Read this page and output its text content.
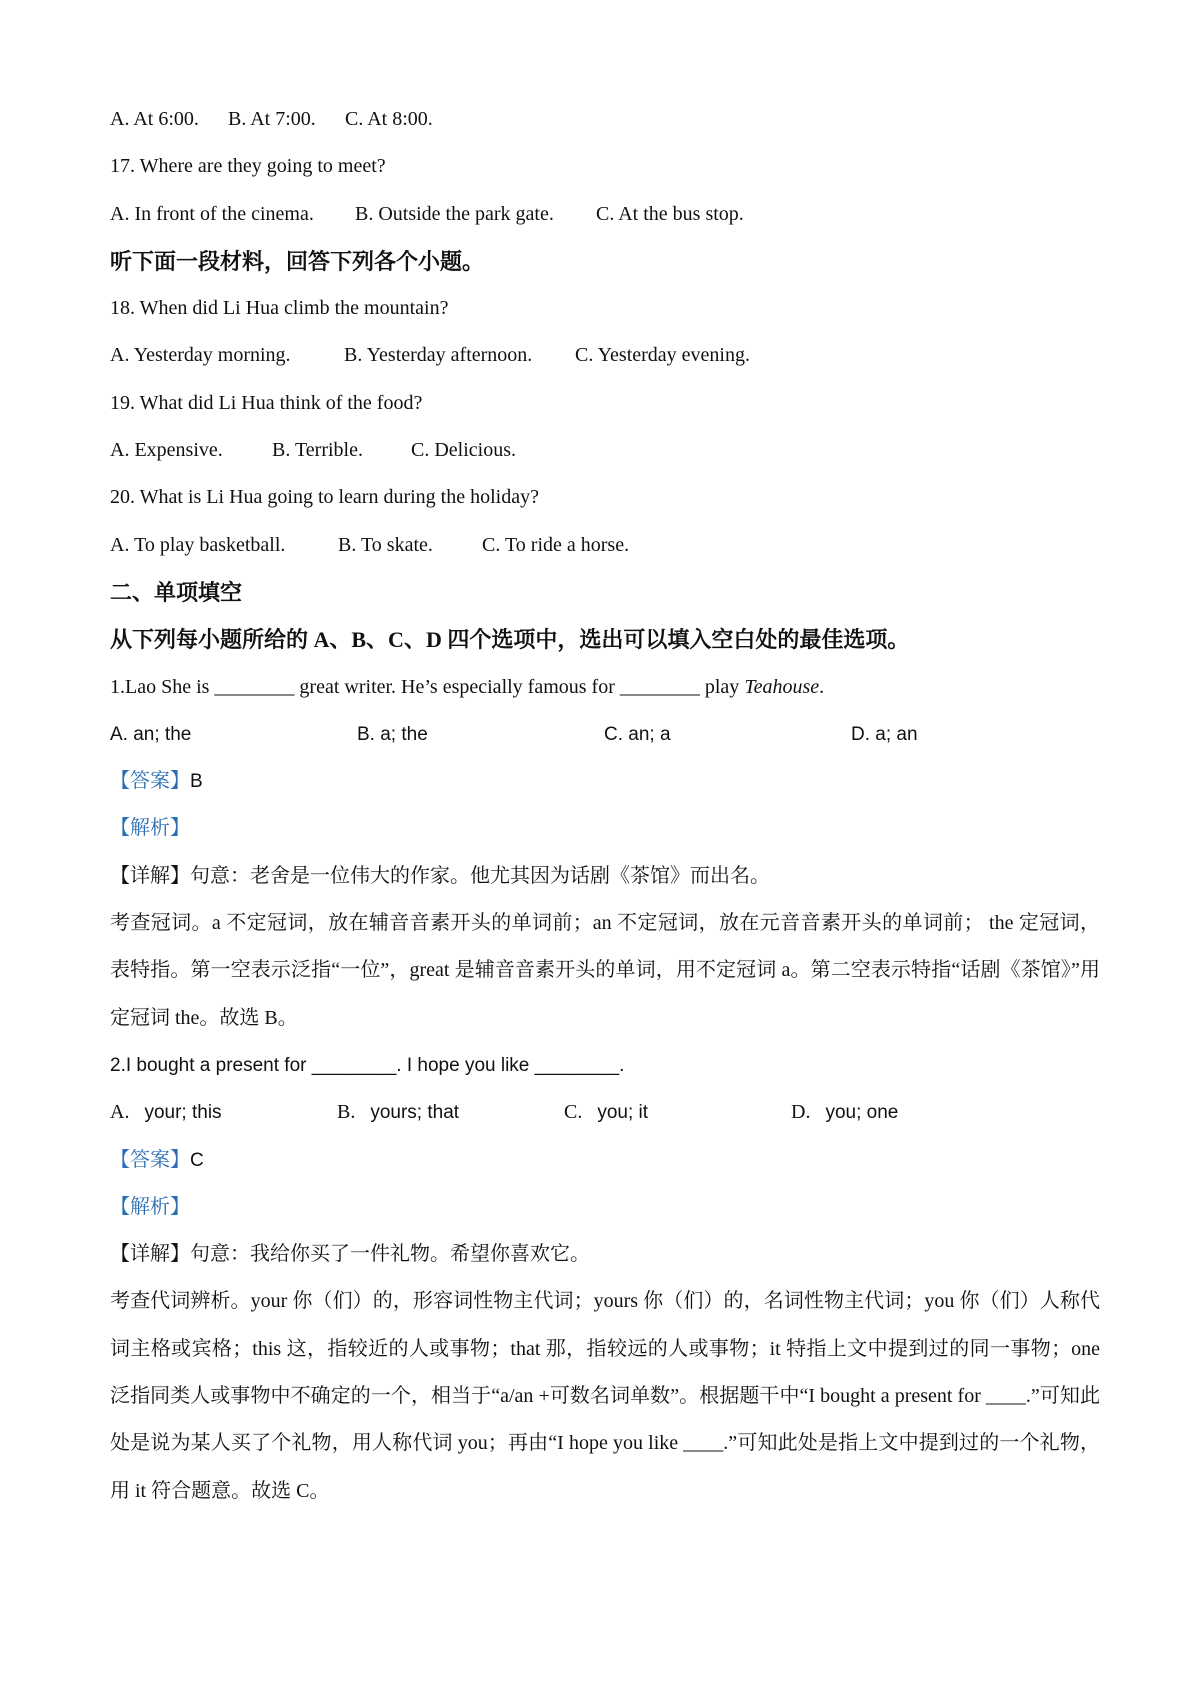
A. At 6:00.	B. At 7:00.	C. At 8:00.
17. Where are they going to meet?
A. In front of the cinema.	B. Outside the park gate.	C. At the bus stop.
听下面一段材料，回答下列各个小题。
18. When did Li Hua climb the mountain?
A. Yesterday morning.	B. Yesterday afternoon.	C. Yesterday evening.
19. What did Li Hua think of the food?
A. Expensive.	B. Terrible.	C. Delicious.
20. What is Li Hua going to learn during the holiday?
A. To play basketball.	B. To skate.	C. To ride a horse.
二、单项填空
从下列每小题所给的 A、B、C、D 四个选项中，选出可以填入空白处的最佳选项。
1.Lao She is ________ great writer. He’s especially famous for ________ play Teahouse.
A. an; the	B. a; the	C. an; a	D. a; an
【答案】B
【解析】
【详解】句意：老舍是一位伟大的作家。他尤其因为话剧《茶馆》而出名。
考查冠词。a 不定冠词，放在辅音音素开头的单词前；an 不定冠词，放在元音音素开头的单词前； the 定冠词，表特指。第一空表示泛指“一位”，great 是辅音音素开头的单词，用不定冠词 a。第二空表示特指“话剧《茶馆》”用定冠词 the。故选 B。
2.I bought a present for ________. I hope you like ________.
A. your; this	B. yours; that	C. you; it	D. you; one
【答案】C
【解析】
【详解】句意：我给你买了一件礼物。希望你喜欢它。
考查代词辨析。your 你（们）的，形容词性物主代词；yours 你（们）的，名词性物主代词；you 你（们）人称代词主格或宾格；this 这，指较近的人或事物；that 那，指较远的人或事物；it 特指上文中提到过的同一事物；one 泛指同类人或事物中不确定的一个，相当于“a/an +可数名词单数”。根据题干中“I bought a present for ____.”可知此处是说为某人买了个礼物，用人称代词 you；再由“I hope you like ____.”可知此处是指上文中提到过的一个礼物，用 it 符合题意。故选 C。
